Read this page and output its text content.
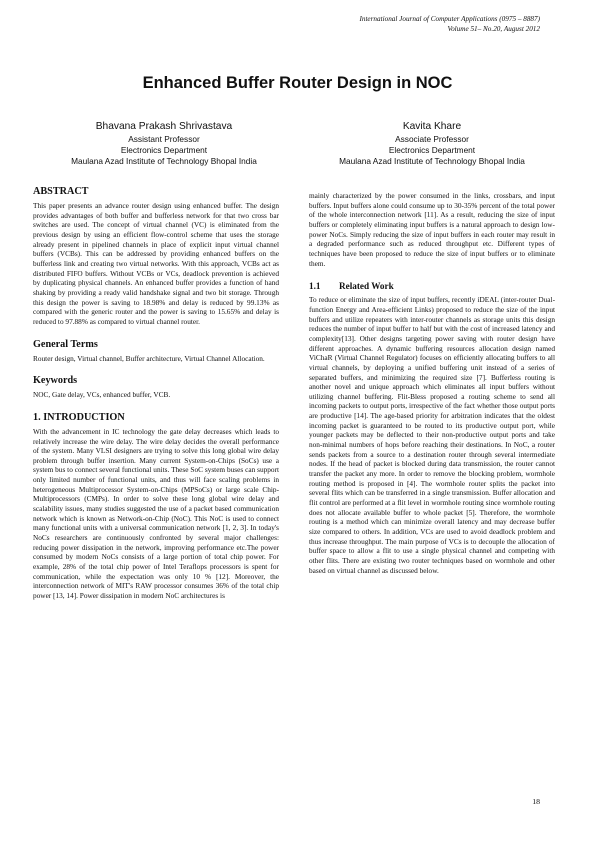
International Journal of Computer Applications (0975 – 8887)
Volume 51– No.20, August 2012
Enhanced Buffer Router Design in NOC
Bhavana Prakash Shrivastava
Assistant Professor
Electronics Department
Maulana Azad Institute of Technology Bhopal India
Kavita Khare
Associate Professor
Electronics Department
Maulana Azad Institute of Technology Bhopal India
ABSTRACT

This paper presents an advance router design using enhanced buffer. The design provides advantages of both buffer and bufferless network for that two cross bar switches are used. The concept of virtual channel (VC) is eliminated from the previous design by using an efficient flow-control scheme that uses the storage already present in pipelined channels in place of explicit input virtual channel buffers (VCBs). This can be addressed by providing enhanced buffers on the bufferless link and creating two virtual networks. With this approach, VCBs act as distributed FIFO buffers. Without VCBs or VCs, deadlock prevention is achieved by duplicating physical channels. An enhanced buffer provides a function of hand shaking by providing a ready valid handshake signal and two bit storage. Through this design the power is saving to 18.98% and delay is reduced by 99.13% as compared with the generic router and the power is saving to 15.65% and delay is reduced to 97.88% as compared to virtual channel router.

General Terms

Router design, Virtual channel, Buffer architecture, Virtual Channel Allocation.

Keywords

NOC, Gate delay, VCs, enhanced buffer, VCB.

1. INTRODUCTION

With the advancement in IC technology the gate delay decreases which leads to relatively increase the wire delay. The wire delay decides the overall performance of the system. Many VLSI designers are trying to solve this long global wire delay problem through buffer insertion. Many current System-on-Chips (SoCs) use a system bus to connect several functional units. These SoC system buses can support only limited number of functional units, and thus will face scaling problems in heterogeneous Multiprocessor System-on-Chips (MPSoCs) or large scale Chip-Multiprocessors (CMPs). In order to solve these long global wire delay and scalability issues, many studies suggested the use of a packet based communication network which is known as Network-on-Chip (NoC). This NoC is used to connect many functional units with a universal communication network [1, 2, 3]. In today's NoCs researchers are continuously confronted by several major challenges: reducing power dissipation in the network, improving performance etc.The power consumed by modern NoCs consists of a large portion of total chip power. For example, 28% of the total chip power of Intel Teraflops processors is spent for communication, while the expectation was only 10 % [12]. Moreover, the interconnection network of MIT's RAW processor consumes 36% of the total chip power [13, 14]. Power dissipation in modern NoC architectures is

mainly characterized by the power consumed in the links, crossbars, and input buffers. Input buffers alone could consume up to 30-35% percent of the total power of the whole interconnection network [11]. As a result, reducing the size of input buffers or completely eliminating input buffers is a natural approach to design low-power NoCs. Simply reducing the size of input buffers in each router may result in a degraded performance such as reduced throughput etc. Different types of techniques have been proposed to reduce the size of input buffers or to eliminate them.

1.1 Related Work

To reduce or eliminate the size of input buffers, recently iDEAL (inter-router Dual-function Energy and Area-efficient Links) proposed to reduce the size of the input buffers and utilize repeaters with inter-router channels as storage units this design reduces the number of input buffer to half but with the cost of increased latency and complexity[13]. Other designs targeting power saving with router design have different approaches. A dynamic buffering resources allocation design named ViChaR (Virtual Channel Regulator) focuses on efficiently allocating buffers to all virtual channels, by deploying a unified buffering unit instead of a series of separated buffers, and minimizing the required size [7]. Bufferless routing is another novel and unique approach which eliminates all input buffers without utilizing channel buffering. Flit-Bless proposed a routing scheme to send all incoming packets to output ports, irrespective of the fact whether those output ports are productive [14]. The age-based priority for arbitration indicates that the oldest incoming packet is guaranteed to be routed to its productive output port, while younger packets may be deflected to their non-productive output ports and take non-minimal numbers of hops before reaching their destinations. In NoC, a router sends packets from a source to a destination router through several intermediate nodes. If the head of packet is blocked during data transmission, the router cannot transfer the packet any more. In order to remove the blocking problem, wormhole routing method is proposed in [4]. The wormhole router splits the packet into several flits which can be transferred in a single transmission. Buffer allocation and flit control are performed at a flit level in wormhole routing since wormhole routing does not allocate available buffer to whole packet [5]. Therefore, the wormhole routing is a method which can minimize overall latency and may decrease buffer size compared to others. In addition, VCs are used to avoid deadlock problem and thus increase throughput. The main purpose of VCs is to decouple the allocation of buffer space to allow a flit to use a single physical channel and competing with other flits. There are existing two router techniques based on wormhole and other based on virtual channel as discussed below.

18
